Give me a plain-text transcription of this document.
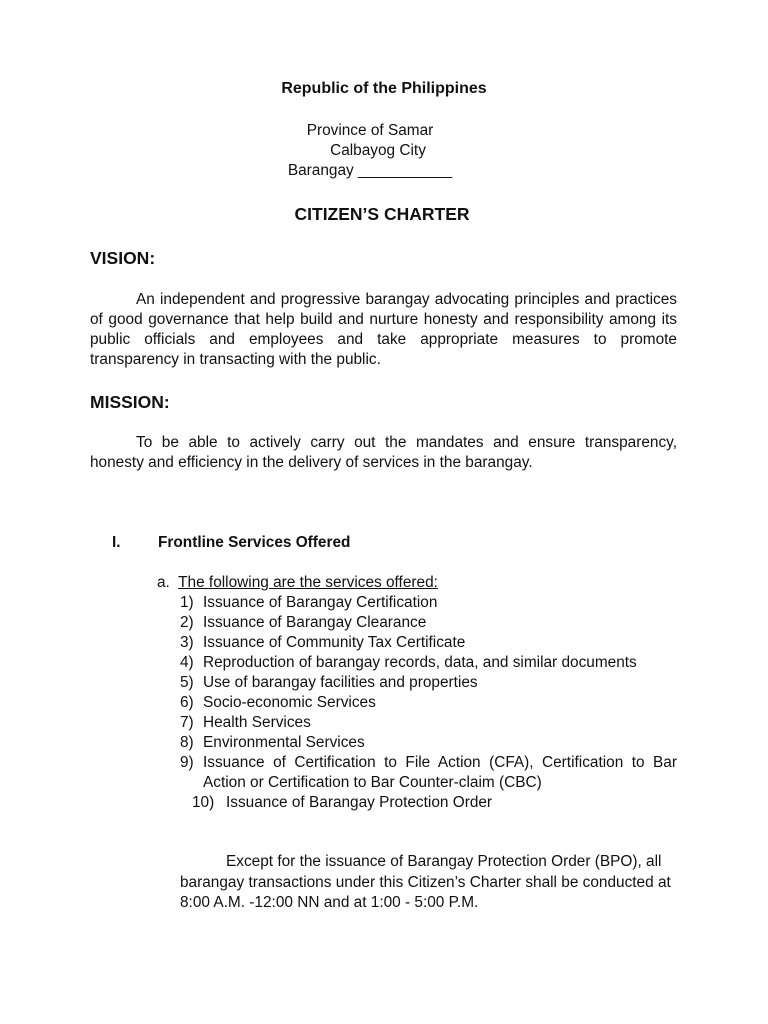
Republic of the Philippines
Province of Samar
Calbayog City
Barangay ___________
CITIZEN’S CHARTER
VISION:
An independent and progressive barangay advocating principles and practices of good governance that help build and nurture honesty and responsibility among its public officials and employees and take appropriate measures to promote transparency in transacting with the public.
MISSION:
To be able to actively carry out the mandates and ensure transparency, honesty and efficiency in the delivery of services in the barangay.
I. Frontline Services Offered
a. The following are the services offered:
1) Issuance of Barangay Certification
2) Issuance of Barangay Clearance
3) Issuance of Community Tax Certificate
4) Reproduction of barangay records, data, and similar documents
5) Use of barangay facilities and properties
6) Socio-economic Services
7) Health Services
8) Environmental Services
9) Issuance of Certification to File Action (CFA), Certification to Bar Action or Certification to Bar Counter-claim (CBC)
10) Issuance of Barangay Protection Order
Except for the issuance of Barangay Protection Order (BPO), all barangay transactions under this Citizen’s Charter shall be conducted at 8:00 A.M. -12:00 NN and at 1:00 - 5:00 P.M.
